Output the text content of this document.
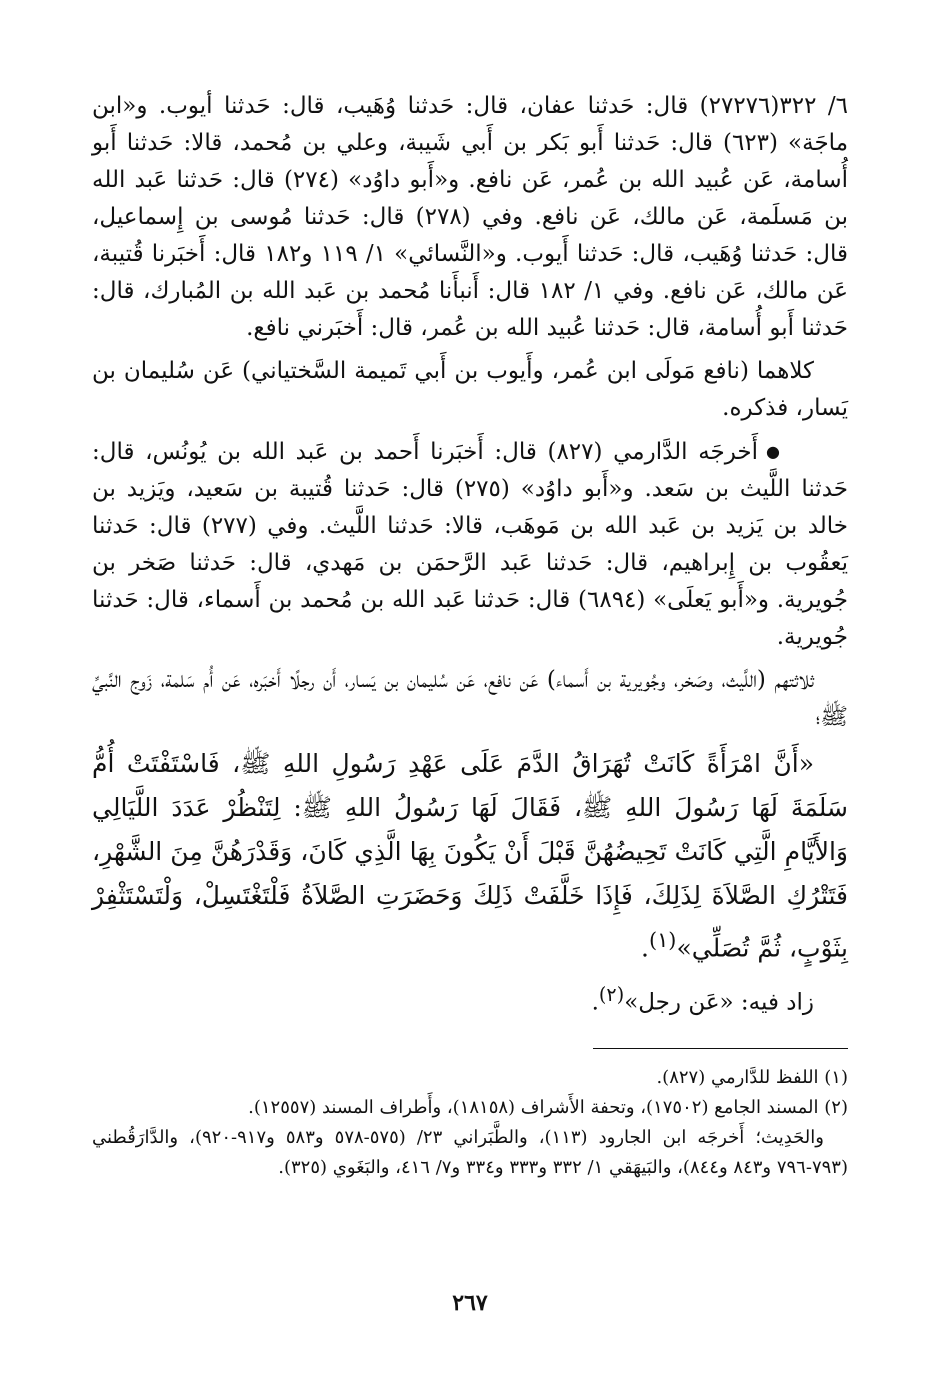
٦/ ٣٢٢(٢٧٢٧٦) قال: حَدثنا عفان، قال: حَدثنا وُهَيب، قال: حَدثنا أيوب. و«ابن ماجَة» (٦٢٣) قال: حَدثنا أَبو بَكر بن أَبي شَيبة، وعلي بن مُحمد، قالا: حَدثنا أَبو أُسامة، عَن عُبيد الله بن عُمر، عَن نافع. و«أَبو داوُد» (٢٧٤) قال: حَدثنا عَبد الله بن مَسلَمة، عَن مالك، عَن نافع. وفي (٢٧٨) قال: حَدثنا مُوسى بن إِسماعيل، قال: حَدثنا وُهَيب، قال: حَدثنا أَيوب. و«النَّسائي» ١/ ١١٩ و١٨٢ قال: أَخبَرنا قُتيبة، عَن مالك، عَن نافع. وفي ١/ ١٨٢ قال: أَنبأَنا مُحمد بن عَبد الله بن المُبارك، قال: حَدثنا أَبو أُسامة، قال: حَدثنا عُبيد الله بن عُمر، قال: أَخبَرني نافع.

كلاهما (نافع مَولَى ابن عُمر، وأَيوب بن أَبي تَميمة السَّختياني) عَن سُليمان بن يَسار، فذكره.

●أَخرجَه الدَّارمي (٨٢٧) قال: أَخبَرنا أَحمد بن عَبد الله بن يُونُس، قال: حَدثنا اللَّيث بن سَعد. و«أَبو داوُد» (٢٧٥) قال: حَدثنا قُتيبة بن سَعيد، ويَزيد بن خالد بن يَزيد بن عَبد الله بن مَوهَب، قالا: حَدثنا اللَّيث. وفي (٢٧٧) قال: حَدثنا يَعقُوب بن إِبراهيم، قال: حَدثنا عَبد الرَّحمَن بن مَهدي، قال: حَدثنا صَخر بن جُويرية. و«أَبو يَعلَى» (٦٨٩٤) قال: حَدثنا عَبد الله بن مُحمد بن أَسماء، قال: حَدثنا جُويرية.

ثلاثتهم (اللَّيث، وصَخر، وجُويرية بن أَسماء) عَن نافع، عَن سُليمان بن يَسار، أَن رجلًا أَخبَره، عَن أُم سَلمة، زَوج النَّبيِّ ﷺ؛

«أَنَّ امْرَأَةً كَانَتْ تُهَرَاقُ الدَّمَ عَلَى عَهْدِ رَسُولِ اللهِ ﷺ، فَاسْتَفْتَتْ أُمُّ سَلَمَةَ لَهَا رَسُولَ اللهِ ﷺ، فَقَالَ لَهَا رَسُولُ اللهِ ﷺ: لِتَنْظُرْ عَدَدَ اللَّيَالِي وَالأَيَّامِ الَّتِي كَانَتْ تَحِيضُهُنَّ قَبْلَ أَنْ يَكُونَ بِهَا الَّذِي كَانَ، وَقَدْرَهُنَّ مِنَ الشَّهْرِ، فَتَتْرُكِ الصَّلاَةَ لِذَلِكَ، فَإِذَا خَلَّفَتْ ذَلِكَ وَحَضَرَتِ الصَّلاَةُ فَلْتَغْتَسِلْ، وَلْتَسْتَثْفِرْ بِثَوْبٍ، ثُمَّ تُصَلِّي»$^{(١)}$.

زاد فيه: «عَن رجل»$^{(٢)}$.

(١) اللفظ للدَّارمي (٨٢٧).

(٢) المسند الجامع (١٧٥٠٢)، وتحفة الأَشراف (١٨١٥٨)، وأَطراف المسند (١٢٥٥٧).

والحَدِيث؛ أَخرجَه ابن الجارود (١١٣)، والطَّبَراني ٢٣/ (٥٧٥-٥٧٨ و٥٨٣ و٩١٧-٩٢٠)، والدَّارَقُطني (٧٩٣-٧٩٦ و٨٤٣ و٨٤٤)، والبَيهَقي ١/ ٣٣٢ و٣٣٣ و٣٣٤ و٧/ ٤١٦، والبَغَوي (٣٢٥).

٢٦٧
